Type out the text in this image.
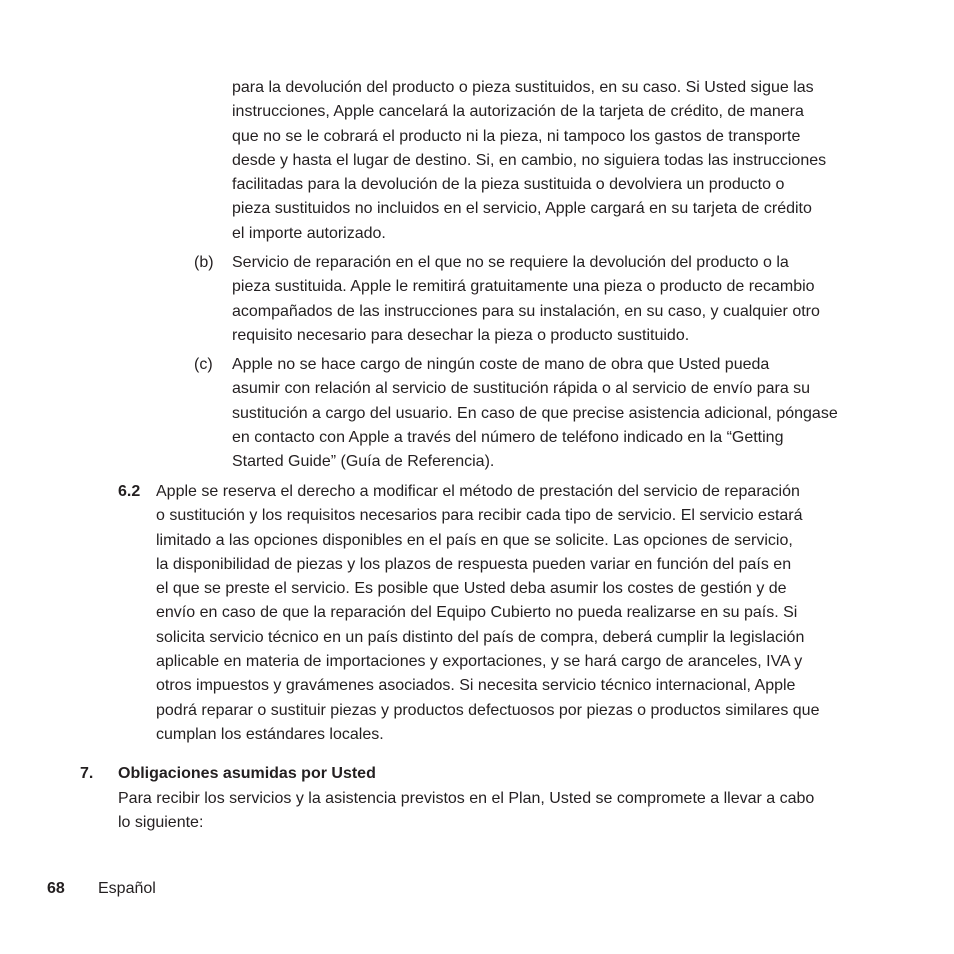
para la devolución del producto o pieza sustituidos, en su caso. Si Usted sigue las
instrucciones, Apple cancelará la autorización de la tarjeta de crédito, de manera
que no se le cobrará el producto ni la pieza, ni tampoco los gastos de transporte
desde y hasta el lugar de destino. Si, en cambio, no siguiera todas las instrucciones
facilitadas para la devolución de la pieza sustituida o devolviera un producto o
pieza sustituidos no incluidos en el servicio, Apple cargará en su tarjeta de crédito
el importe autorizado.

(b) Servicio de reparación en el que no se requiere la devolución del producto o la
pieza sustituida. Apple le remitirá gratuitamente una pieza o producto de recambio
acompañados de las instrucciones para su instalación, en su caso, y cualquier otro
requisito necesario para desechar la pieza o producto sustituido.

(c) Apple no se hace cargo de ningún coste de mano de obra que Usted pueda
asumir con relación al servicio de sustitución rápida o al servicio de envío para su
sustitución a cargo del usuario. En caso de que precise asistencia adicional, póngase
en contacto con Apple a través del número de teléfono indicado en la “Getting
Started Guide” (Guía de Referencia).

6.2 Apple se reserva el derecho a modificar el método de prestación del servicio de reparación
o sustitución y los requisitos necesarios para recibir cada tipo de servicio. El servicio estará
limitado a las opciones disponibles en el país en que se solicite. Las opciones de servicio,
la disponibilidad de piezas y los plazos de respuesta pueden variar en función del país en
el que se preste el servicio. Es posible que Usted deba asumir los costes de gestión y de
envío en caso de que la reparación del Equipo Cubierto no pueda realizarse en su país. Si
solicita servicio técnico en un país distinto del país de compra, deberá cumplir la legislación
aplicable en materia de importaciones y exportaciones, y se hará cargo de aranceles, IVA y
otros impuestos y gravámenes asociados. Si necesita servicio técnico internacional, Apple
podrá reparar o sustituir piezas y productos defectuosos por piezas o productos similares que
cumplan los estándares locales.

7. Obligaciones asumidas por Usted

Para recibir los servicios y la asistencia previstos en el Plan, Usted se compromete a llevar a cabo
lo siguiente:

68 Español
